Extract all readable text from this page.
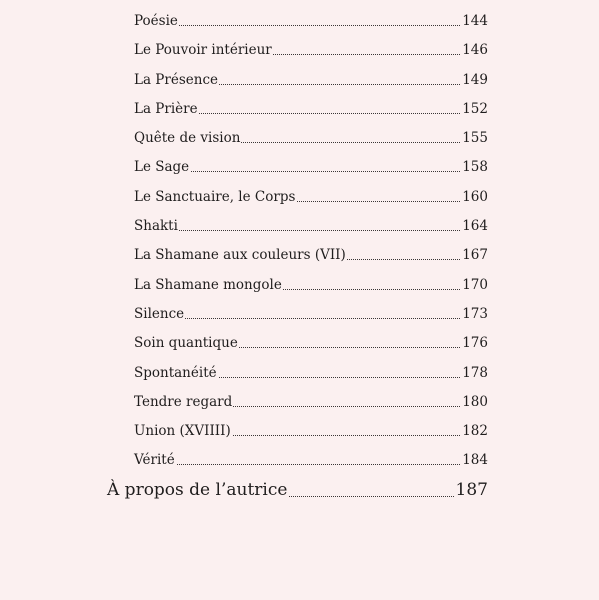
Poésie	144
Le Pouvoir intérieur	146
La Présence	149
La Prière	152
Quête de vision	155
Le Sage	158
Le Sanctuaire, le Corps	160
Shakti	164
La Shamane aux couleurs (VII)	167
La Shamane mongole	170
Silence	173
Soin quantique	176
Spontanéité	178
Tendre regard	180
Union (XVIIII)	182
Vérité	184
À propos de l’autrice	187
